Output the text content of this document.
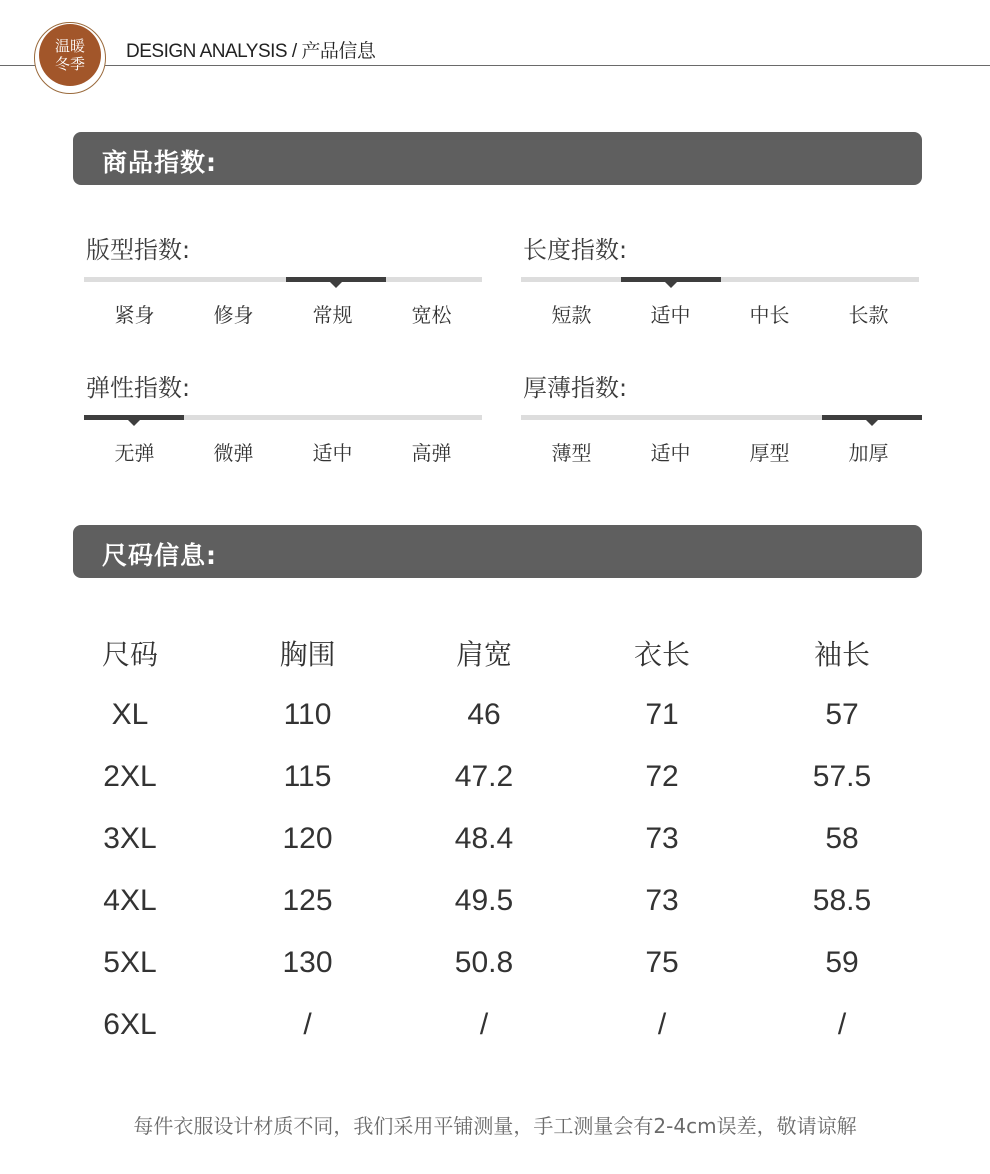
温暖
冬季
DESIGN ANALYSIS / 产品信息
商品指数:
版型指数:
紧身	修身	常规	宽松
长度指数:
短款	适中	中长	长款
弹性指数:
无弹	微弹	适中	高弹
厚薄指数:
薄型	适中	厚型	加厚
尺码信息:
尺码	胸围	肩宽	衣长	袖长
XL	110	46	71	57
2XL	115	47.2	72	57.5
3XL	120	48.4	73	58
4XL	125	49.5	73	58.5
5XL	130	50.8	75	59
6XL	/	/	/	/
每件衣服设计材质不同，我们采用平铺测量，手工测量会有2-4cm误差，敬请谅解
